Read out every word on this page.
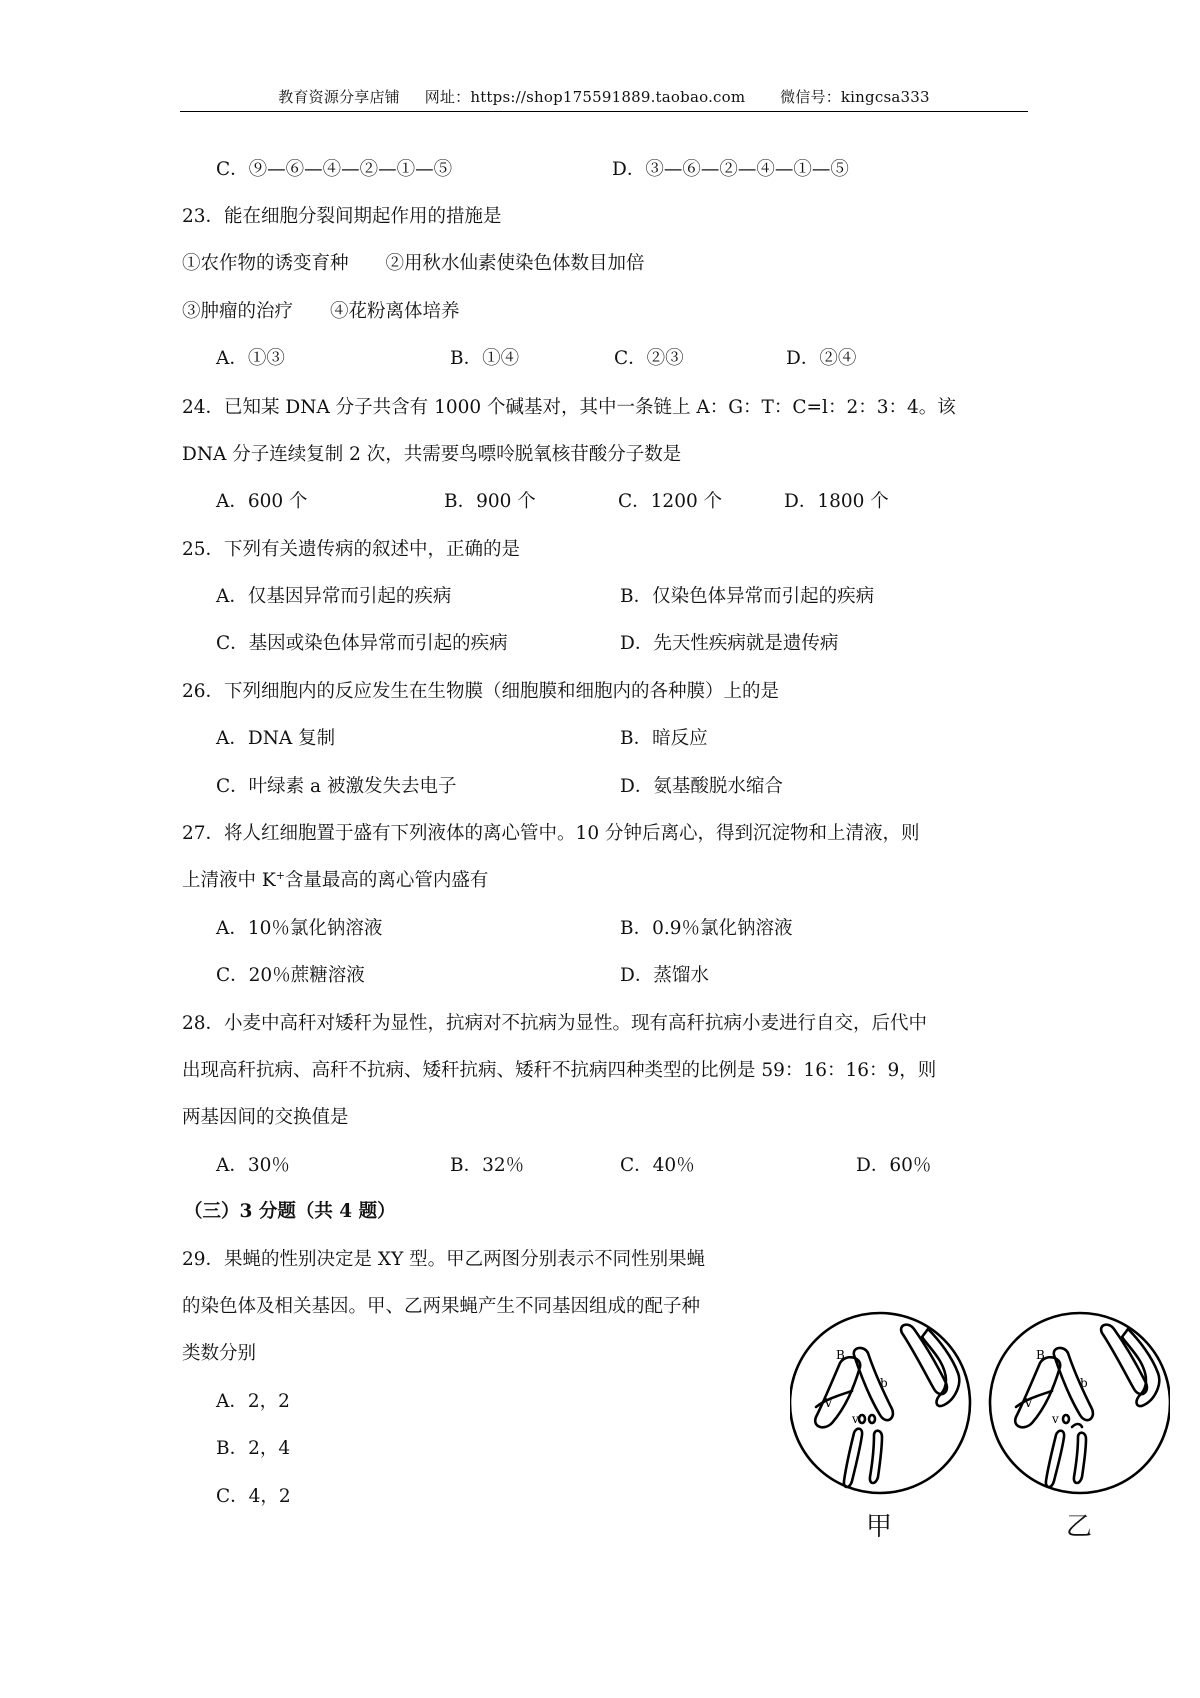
教育资源分享店铺 网址：https://shop175591889.taobao.com 微信号：kingcsa333
C．⑨—⑥—④—②—①—⑤	D．③—⑥—②—④—①—⑤
23．能在细胞分裂间期起作用的措施是
①农作物的诱变育种　　②用秋水仙素使染色体数目加倍
③肿瘤的治疗　　④花粉离体培养
A．①③	B．①④	C．②③	D．②④
24．已知某 DNA 分子共含有 1000 个碱基对，其中一条链上 A：G：T：C=l：2：3：4。该
DNA 分子连续复制 2 次，共需要鸟嘌呤脱氧核苷酸分子数是
A．600 个	B．900 个	C．1200 个	D．1800 个
25．下列有关遗传病的叙述中，正确的是
A．仅基因异常而引起的疾病	B．仅染色体异常而引起的疾病
C．基因或染色体异常而引起的疾病	D．先天性疾病就是遗传病
26．下列细胞内的反应发生在生物膜（细胞膜和细胞内的各种膜）上的是
A．DNA 复制	B．暗反应
C．叶绿素 a 被激发失去电子	D．氨基酸脱水缩合
27．将人红细胞置于盛有下列液体的离心管中。10 分钟后离心，得到沉淀物和上清液，则
上清液中 K+含量最高的离心管内盛有
A．10％氯化钠溶液	B．0.9％氯化钠溶液
C．20％蔗糖溶液	D．蒸馏水
28．小麦中高秆对矮秆为显性，抗病对不抗病为显性。现有高秆抗病小麦进行自交，后代中
出现高秆抗病、高秆不抗病、矮秆抗病、矮秆不抗病四种类型的比例是 59：16：16：9，则
两基因间的交换值是
A．30％	B．32％	C．40％	D．60％
（三）3 分题（共 4 题）
29．果蝇的性别决定是 XY 型。甲乙两图分别表示不同性别果蝇
的染色体及相关基因。甲、乙两果蝇产生不同基因组成的配子种
类数分别
A．2，2
B．2，4
C．4，2
B
b
V
v
B
b
V
v
甲	乙
